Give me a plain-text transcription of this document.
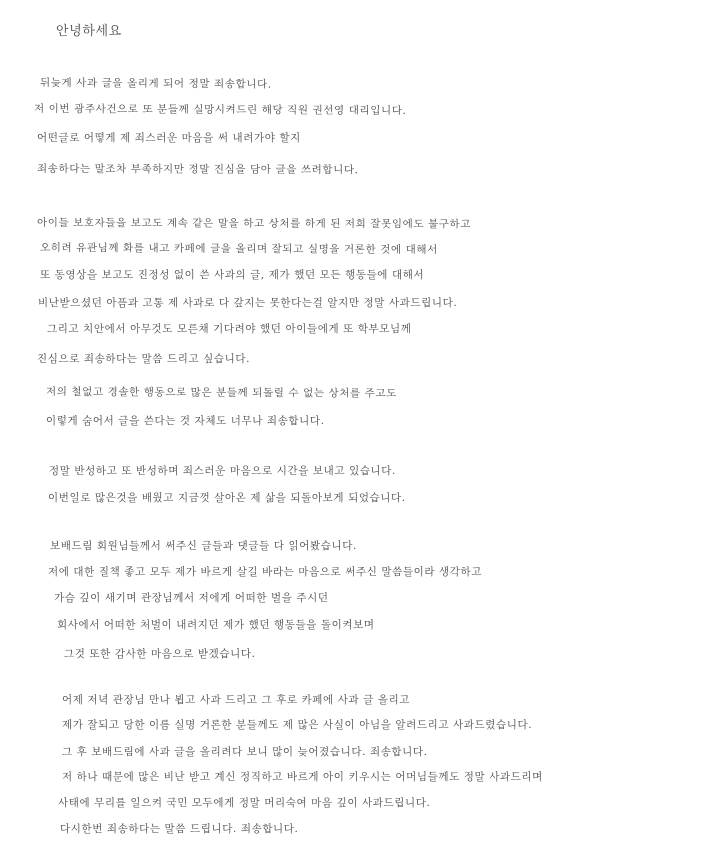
안녕하세요
뒤늦게 사과 글을 올리게 되어 정말 죄송합니다.
저 이번 광주사건으로 또 분들께 실망시켜드린 해당 직원 권선영 대리입니다.
어떤글로 어떻게 제 죄스러운 마음을 써 내려가야 할지
죄송하다는 말조차 부족하지만 정말 진심을 담아 글을 쓰려합니다.
아이들 보호자들을 보고도 계속 같은 말을 하고 상처를 하게 된 저희 잘못임에도 불구하고
오히려 유관님께 화를 내고 카페에 글을 올리며 잘되고 실명을 거론한 것에 대해서
또 동영상을 보고도 진정성 없이 쓴 사과의 글, 제가 했던 모든 행동들에 대해서
비난받으셨던 아픔과 고통 제 사과로 다 갚지는 못한다는걸 알지만 정말 사과드립니다.
그리고 치안에서 아무것도 모른채 기다려야 했던 아이들에게 또 학부모님께
진심으로 죄송하다는 말씀 드리고 싶습니다.
저의 철없고 경솔한 행동으로 많은 분들께 되돌릴 수 없는 상처를 주고도
이렇게 숨어서 글을 쓴다는 것 자체도 너무나 죄송합니다.
정말 반성하고 또 반성하며 죄스러운 마음으로 시간을 보내고 있습니다.
이번일로 많은것을 배웠고 지금껏 살아온 제 삶을 되돌아보게 되었습니다.
보배드림 회원님들께서 써주신 글들과 댓글들 다 읽어봤습니다.
저에 대한 질책 좋고 모두 제가 바르게 살길 바라는 마음으로 써주신 말씀들이라 생각하고
가슴 깊이 새기며 관장님께서 저에게 어떠한 벌을 주시던
회사에서 어떠한 처벌이 내려지던 제가 했던 행동들을 돌이켜보며
그것 또한 감사한 마음으로 받겠습니다.
어제 저녁 관장님 만나 뵙고 사과 드리고 그 후로 카페에 사과 글 올리고
제가 잘되고 당한 이름 실명 거론한 분들께도 제 많은 사실이 아님을 알려드리고 사과드렸습니다.
그 후 보배드림에 사과 글을 올리려다 보니 많이 늦어졌습니다. 죄송합니다.
저 하나 때문에 많은 비난 받고 계신 정직하고 바르게 아이 키우시는 어머님들께도 정말 사과드리며
사태에 무리를 일으켜 국민 모두에게 정말 머리숙여 마음 깊이 사과드립니다.
다시한번 죄송하다는 말씀 드립니다. 죄송합니다.
